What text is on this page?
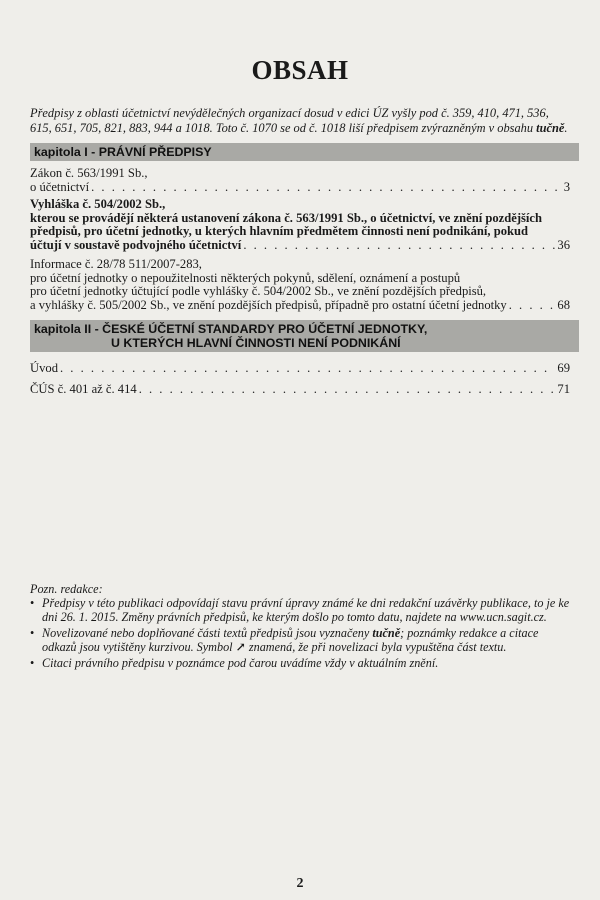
OBSAH
Předpisy z oblasti účetnictví nevýdělečných organizací dosud v edici ÚZ vyšly pod č. 359, 410, 471, 536, 615, 651, 705, 821, 883, 944 a 1018. Toto č. 1070 se od č. 1018 liší předpisem zvýrazněným v obsahu tučně.
kapitola I - PRÁVNÍ PŘEDPISY
Zákon č. 563/1991 Sb.,
o účetnictví . . .	3
Vyhláška č. 504/2002 Sb.,
kterou se provádějí některá ustanovení zákona č. 563/1991 Sb., o účetnictví, ve znění pozdějších
předpisů, pro účetní jednotky, u kterých hlavním předmětem činnosti není podnikání, pokud
účtují v soustavě podvojného účetnictví . . .	36
Informace č. 28/78 511/2007-283,
pro účetní jednotky o nepoužitelnosti některých pokynů, sdělení, oznámení a postupů
pro účetní jednotky účtující podle vyhlášky č. 504/2002 Sb., ve znění pozdějších předpisů,
a vyhlášky č. 505/2002 Sb., ve znění pozdějších předpisů, případně pro ostatní účetní jednotky . . .	68
kapitola II - ČESKÉ ÚČETNÍ STANDARDY PRO ÚČETNÍ JEDNOTKY,
U KTERÝCH HLAVNÍ ČINNOSTI NENÍ PODNIKÁNÍ
Úvod . . .	69
ČÚS č. 401 až č. 414 . . .	71
Pozn. redakce:
• Předpisy v této publikaci odpovídají stavu právní úpravy známé ke dni redakční uzávěrky publikace, to je ke dni 26. 1. 2015. Změny právních předpisů, ke kterým došlo po tomto datu, najdete na www.ucn.sagit.cz.
• Novelizované nebo doplňované části textů předpisů jsou vyznačeny tučně; poznámky redakce a citace odkazů jsou vytištěny kurzivou. Symbol ↗ znamená, že při novelizaci byla vypuštěna část textu.
• Citaci právního předpisu v poznámce pod čarou uvádíme vždy v aktuálním znění.
2
